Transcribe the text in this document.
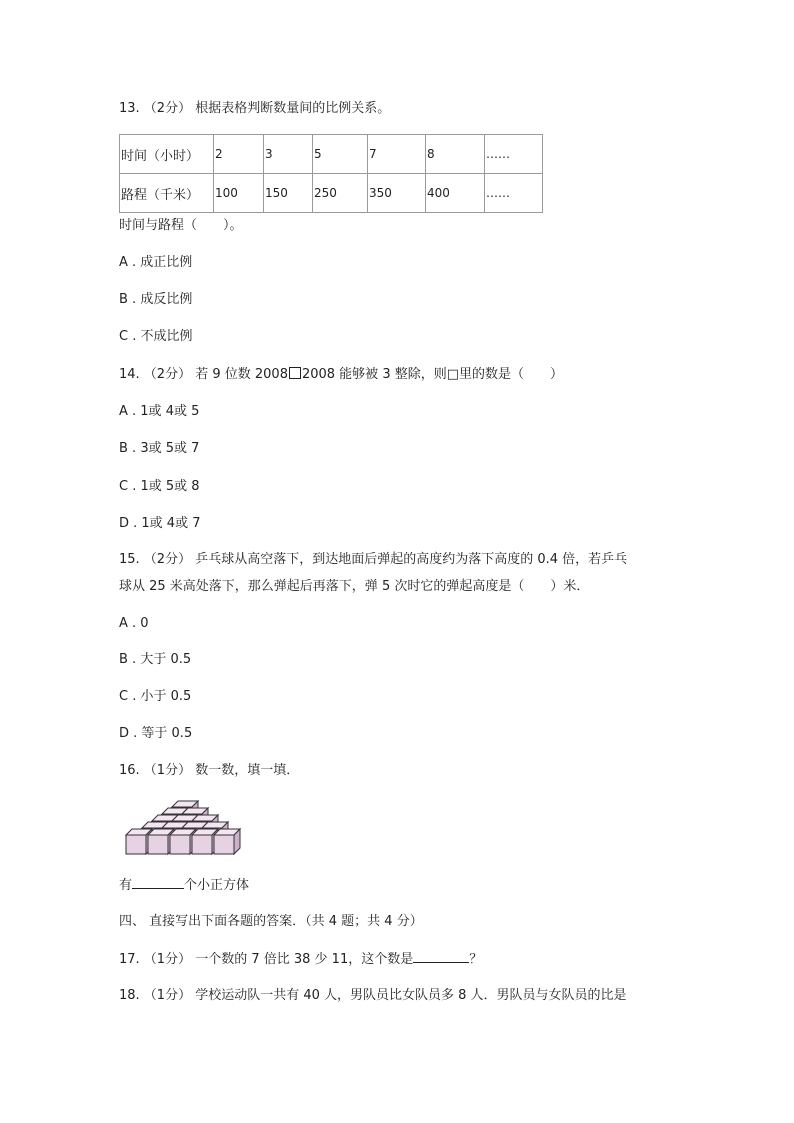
13. （2分） 根据表格判断数量间的比例关系。
时间（小时）	2	3	5	7	8	……
路程（千米）	100	150	250	350	400	……
时间与路程（　　）。
A . 成正比例
B . 成反比例
C . 不成比例
14. （2分） 若 9 位数 2008 2008 能够被 3 整除，则□里的数是（　　）
A . 1或 4或 5
B . 3或 5或 7
C . 1或 5或 8
D . 1或 4或 7
15. （2分） 乒乓球从高空落下，到达地面后弹起的高度约为落下高度的 0.4 倍，若乒乓
球从 25 米高处落下，那么弹起后再落下，弹 5 次时它的弹起高度是（　　）米．
A . 0
B . 大于 0.5
C . 小于 0.5
D . 等于 0.5
16. （1分） 数一数，填一填．
有	个小正方体
四、 直接写出下面各题的答案．（共 4 题；共 4 分）
17. （1分） 一个数的 7 倍比 38 少 11，这个数是	？
18. （1分） 学校运动队一共有 40 人，男队员比女队员多 8 人．男队员与女队员的比是
